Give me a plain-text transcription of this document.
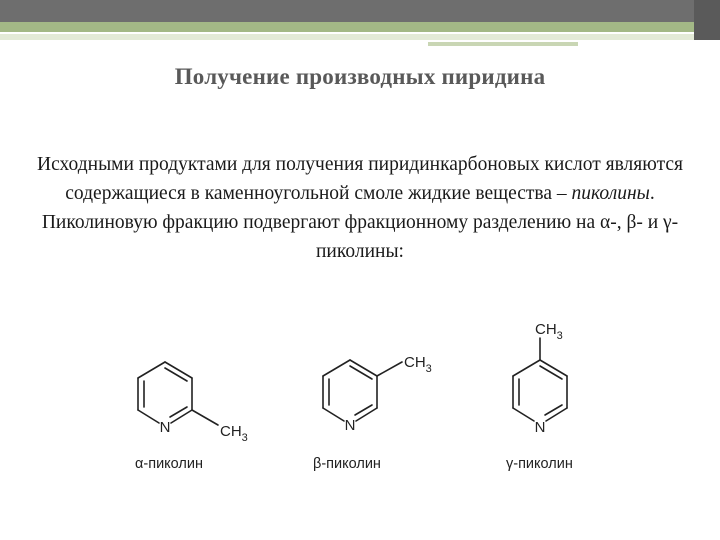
Получение производных пиридина
Исходными продуктами для получения пиридинкарбоновых кислот являются содержащиеся в каменноугольной смоле жидкие вещества – пиколины. Пиколиновую фракцию подвергают фракционному разделению на α-, β- и γ-пиколины:
N	$CH_3$
α-пиколин
N
$CH_3$
β-пиколин
N
$CH_3$
γ-пиколин
